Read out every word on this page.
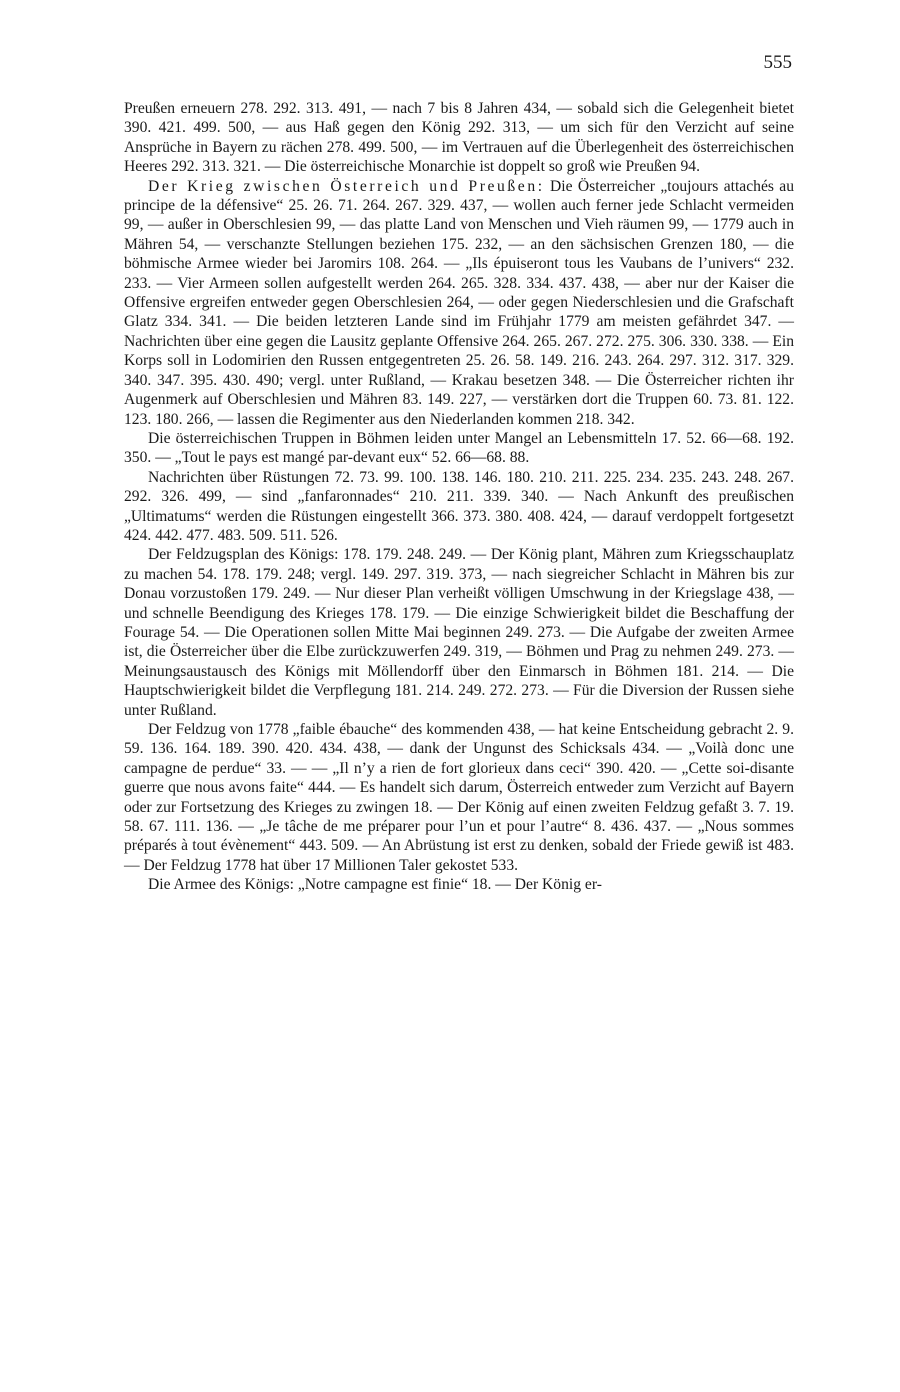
555

Preußen erneuern 278. 292. 313. 491, — nach 7 bis 8 Jahren 434, — sobald sich die Gelegenheit bietet 390. 421. 499. 500, — aus Haß gegen den König 292. 313, — um sich für den Verzicht auf seine Ansprüche in Bayern zu rächen 278. 499. 500, — im Vertrauen auf die Überlegenheit des österreichischen Heeres 292. 313. 321. — Die österreichische Monarchie ist doppelt so groß wie Preußen 94.

Der Krieg zwischen Österreich und Preußen: Die Österreicher „toujours attachés au principe de la défensive“ 25. 26. 71. 264. 267. 329. 437, — wollen auch ferner jede Schlacht vermeiden 99, — außer in Oberschlesien 99, — das platte Land von Menschen und Vieh räumen 99, — 1779 auch in Mähren 54, — verschanzte Stellungen beziehen 175. 232, — an den sächsischen Grenzen 180, — die böhmische Armee wieder bei Jaromirs 108. 264. — „Ils épuiseront tous les Vaubans de l’univers“ 232. 233. — Vier Armeen sollen aufgestellt werden 264. 265. 328. 334. 437. 438, — aber nur der Kaiser die Offensive ergreifen entweder gegen Oberschlesien 264, — oder gegen Niederschlesien und die Grafschaft Glatz 334. 341. — Die beiden letzteren Lande sind im Frühjahr 1779 am meisten gefährdet 347. — Nachrichten über eine gegen die Lausitz geplante Offensive 264. 265. 267. 272. 275. 306. 330. 338. — Ein Korps soll in Lodomirien den Russen entgegentreten 25. 26. 58. 149. 216. 243. 264. 297. 312. 317. 329. 340. 347. 395. 430. 490; vergl. unter Rußland, — Krakau besetzen 348. — Die Österreicher richten ihr Augenmerk auf Oberschlesien und Mähren 83. 149. 227, — verstärken dort die Truppen 60. 73. 81. 122. 123. 180. 266, — lassen die Regimenter aus den Niederlanden kommen 218. 342.

Die österreichischen Truppen in Böhmen leiden unter Mangel an Lebensmitteln 17. 52. 66—68. 192. 350. — „Tout le pays est mangé par-devant eux“ 52. 66—68. 88.

Nachrichten über Rüstungen 72. 73. 99. 100. 138. 146. 180. 210. 211. 225. 234. 235. 243. 248. 267. 292. 326. 499, — sind „fanfaronnades“ 210. 211. 339. 340. — Nach Ankunft des preußischen „Ultimatums“ werden die Rüstungen eingestellt 366. 373. 380. 408. 424, — darauf verdoppelt fortgesetzt 424. 442. 477. 483. 509. 511. 526.

Der Feldzugsplan des Königs: 178. 179. 248. 249. — Der König plant, Mähren zum Kriegsschauplatz zu machen 54. 178. 179. 248; vergl. 149. 297. 319. 373, — nach siegreicher Schlacht in Mähren bis zur Donau vorzustoßen 179. 249. — Nur dieser Plan verheißt völligen Umschwung in der Kriegslage 438, — und schnelle Beendigung des Krieges 178. 179. — Die einzige Schwierigkeit bildet die Beschaffung der Fourage 54. — Die Operationen sollen Mitte Mai beginnen 249. 273. — Die Aufgabe der zweiten Armee ist, die Österreicher über die Elbe zurückzuwerfen 249. 319, — Böhmen und Prag zu nehmen 249. 273. — Meinungsaustausch des Königs mit Möllendorff über den Einmarsch in Böhmen 181. 214. — Die Hauptschwierigkeit bildet die Verpflegung 181. 214. 249. 272. 273. — Für die Diversion der Russen siehe unter Rußland.

Der Feldzug von 1778 „faible ébauche“ des kommenden 438, — hat keine Entscheidung gebracht 2. 9. 59. 136. 164. 189. 390. 420. 434. 438, — dank der Ungunst des Schicksals 434. — „Voilà donc une campagne de perdue“ 33. — — „Il n’y a rien de fort glorieux dans ceci“ 390. 420. — „Cette soi-disante guerre que nous avons faite“ 444. — Es handelt sich darum, Österreich entweder zum Verzicht auf Bayern oder zur Fortsetzung des Krieges zu zwingen 18. — Der König auf einen zweiten Feldzug gefaßt 3. 7. 19. 58. 67. 111. 136. — „Je tâche de me préparer pour l’un et pour l’autre“ 8. 436. 437. — „Nous sommes préparés à tout évènement“ 443. 509. — An Abrüstung ist erst zu denken, sobald der Friede gewiß ist 483. — Der Feldzug 1778 hat über 17 Millionen Taler gekostet 533.

Die Armee des Königs: „Notre campagne est finie“ 18. — Der König er-
